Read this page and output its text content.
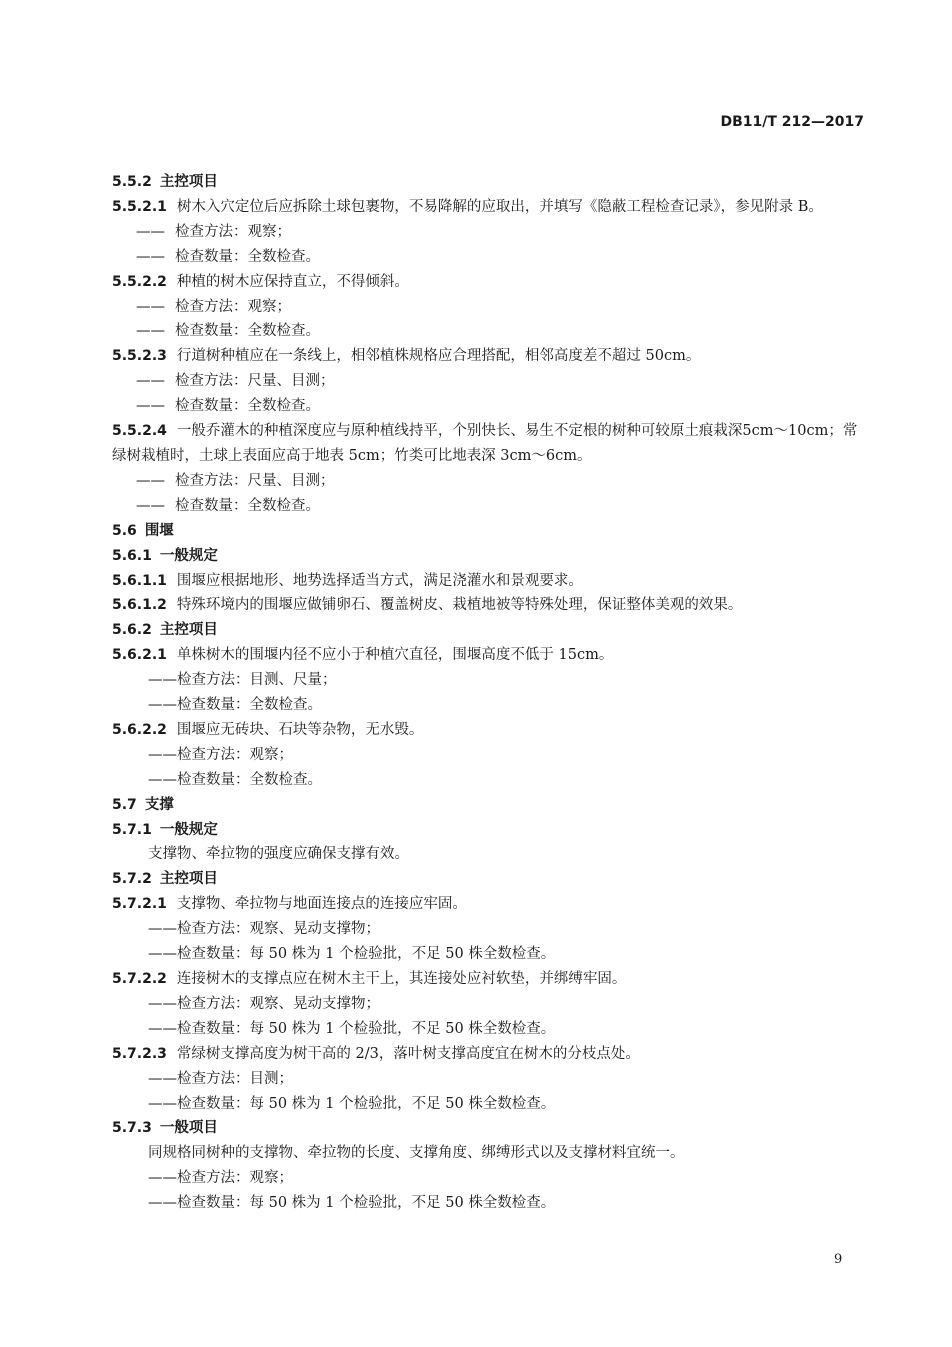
DB11/T 212—2017
5.5.2 主控项目
5.5.2.1 树木入穴定位后应拆除土球包裹物，不易降解的应取出，并填写《隐蔽工程检查记录》，参见附录 B。
—— 检查方法：观察；
—— 检查数量：全数检查。
5.5.2.2 种植的树木应保持直立，不得倾斜。
—— 检查方法：观察；
—— 检查数量：全数检查。
5.5.2.3 行道树种植应在一条线上，相邻植株规格应合理搭配，相邻高度差不超过 50cm。
—— 检查方法：尺量、目测；
—— 检查数量：全数检查。
5.5.2.4 一般乔灌木的种植深度应与原种植线持平，个别快长、易生不定根的树种可较原土痕栽深5cm～10cm；常绿树栽植时，土球上表面应高于地表 5cm；竹类可比地表深 3cm～6cm。
—— 检查方法：尺量、目测；
—— 检查数量：全数检查。
5.6 围堰
5.6.1 一般规定
5.6.1.1 围堰应根据地形、地势选择适当方式，满足浇灌水和景观要求。
5.6.1.2 特殊环境内的围堰应做铺卵石、覆盖树皮、栽植地被等特殊处理，保证整体美观的效果。
5.6.2 主控项目
5.6.2.1 单株树木的围堰内径不应小于种植穴直径，围堰高度不低于 15cm。
——检查方法：目测、尺量；
——检查数量：全数检查。
5.6.2.2 围堰应无砖块、石块等杂物，无水毁。
——检查方法：观察；
——检查数量：全数检查。
5.7 支撑
5.7.1 一般规定
支撑物、牵拉物的强度应确保支撑有效。
5.7.2 主控项目
5.7.2.1 支撑物、牵拉物与地面连接点的连接应牢固。
——检查方法：观察、晃动支撑物；
——检查数量：每 50 株为 1 个检验批，不足 50 株全数检查。
5.7.2.2 连接树木的支撑点应在树木主干上，其连接处应衬软垫，并绑缚牢固。
——检查方法：观察、晃动支撑物；
——检查数量：每 50 株为 1 个检验批，不足 50 株全数检查。
5.7.2.3 常绿树支撑高度为树干高的 2/3，落叶树支撑高度宜在树木的分枝点处。
——检查方法：目测；
——检查数量：每 50 株为 1 个检验批，不足 50 株全数检查。
5.7.3 一般项目
同规格同树种的支撑物、牵拉物的长度、支撑角度、绑缚形式以及支撑材料宜统一。
——检查方法：观察；
——检查数量：每 50 株为 1 个检验批，不足 50 株全数检查。
9
